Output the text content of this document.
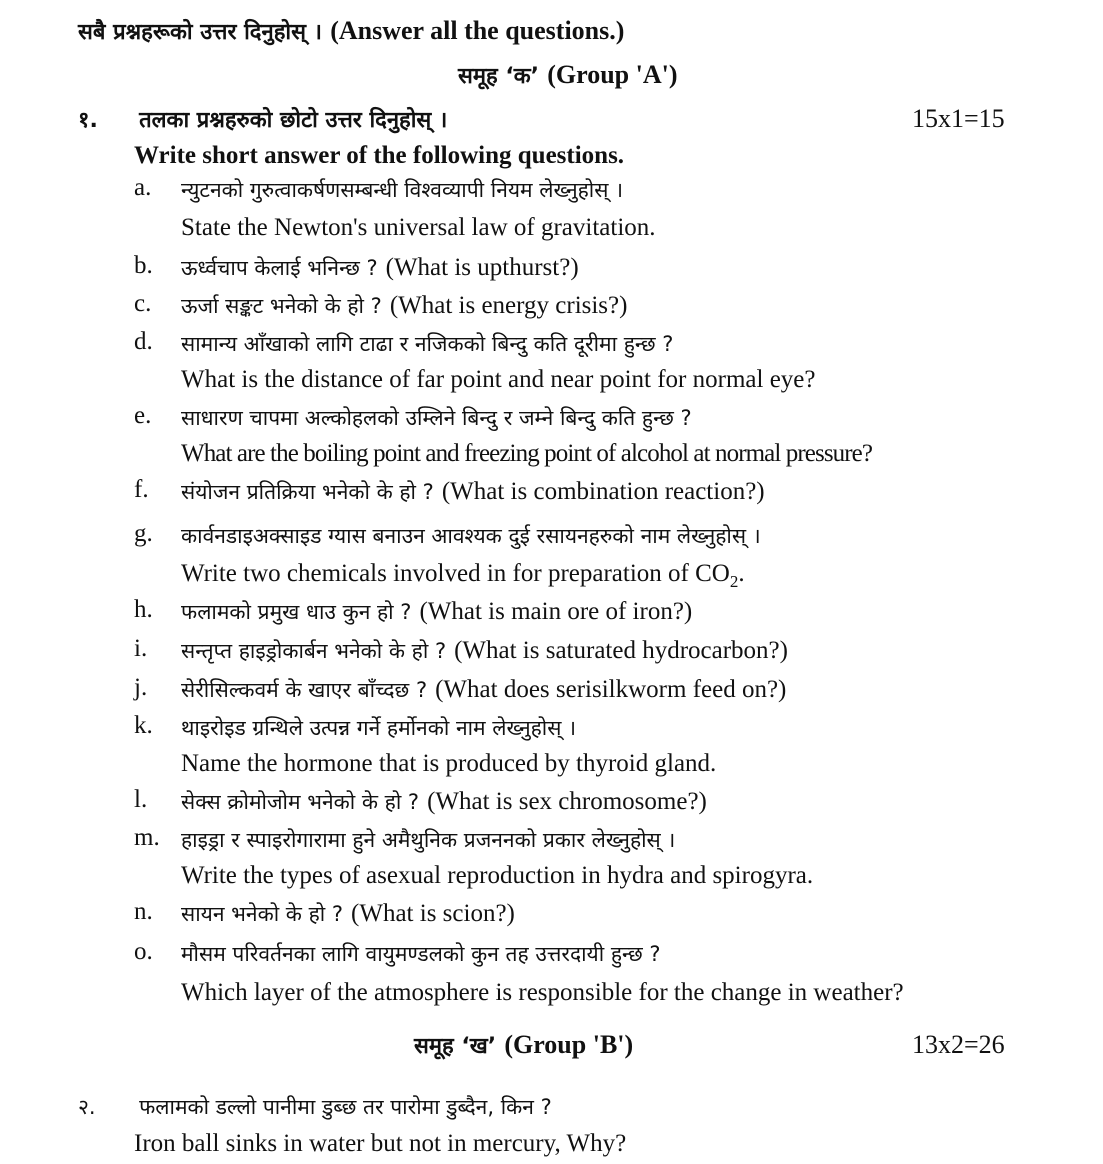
सबै प्रश्नहरूको उत्तर दिनुहोस् । (Answer all the questions.)
समूह ‘क’ (Group 'A')
१. तलका प्रश्नहरुको छोटो उत्तर दिनुहोस् ।	15x1=15
Write short answer of the following questions.
a. न्युटनको गुरुत्वाकर्षणसम्बन्धी विश्वव्यापी नियम लेख्नुहोस् ।
State the Newton's universal law of gravitation.
b. ऊर्ध्वचाप केलाई भनिन्छ ? (What is upthurst?)
c. ऊर्जा सङ्कट भनेको के हो ? (What is energy crisis?)
d. सामान्य आँखाको लागि टाढा र नजिकको बिन्दु कति दूरीमा हुन्छ ?
What is the distance of far point and near point for normal eye?
e. साधारण चापमा अल्कोहलको उम्लिने बिन्दु र जम्ने बिन्दु कति हुन्छ ?
What are the boiling point and freezing point of alcohol at normal pressure?
f. संयोजन प्रतिक्रिया भनेको के हो ? (What is combination reaction?)
g. कार्वनडाइअक्साइड ग्यास बनाउन आवश्यक दुई रसायनहरुको नाम लेख्नुहोस् ।
Write two chemicals involved in for preparation of $CO_2$.
h. फलामको प्रमुख धाउ कुन हो ? (What is main ore of iron?)
i. सन्तृप्त हाइड्रोकार्बन भनेको के हो ? (What is saturated hydrocarbon?)
j. सेरीसिल्कवर्म के खाएर बाँच्दछ ? (What does serisilkworm feed on?)
k. थाइरोइड ग्रन्थिले उत्पन्न गर्ने हर्मोनको नाम लेख्नुहोस् ।
Name the hormone that is produced by thyroid gland.
l. सेक्स क्रोमोजोम भनेको के हो ? (What is sex chromosome?)
m. हाइड्रा र स्पाइरोगारामा हुने अमैथुनिक प्रजननको प्रकार लेख्नुहोस् ।
Write the types of asexual reproduction in hydra and spirogyra.
n. सायन भनेको के हो ? (What is scion?)
o. मौसम परिवर्तनका लागि वायुमण्डलको कुन तह उत्तरदायी हुन्छ ?
Which layer of the atmosphere is responsible for the change in weather?
समूह ‘ख’ (Group 'B')	13x2=26
२. फलामको डल्लो पानीमा डुब्छ तर पारोमा डुब्दैन, किन ?
Iron ball sinks in water but not in mercury, Why?
